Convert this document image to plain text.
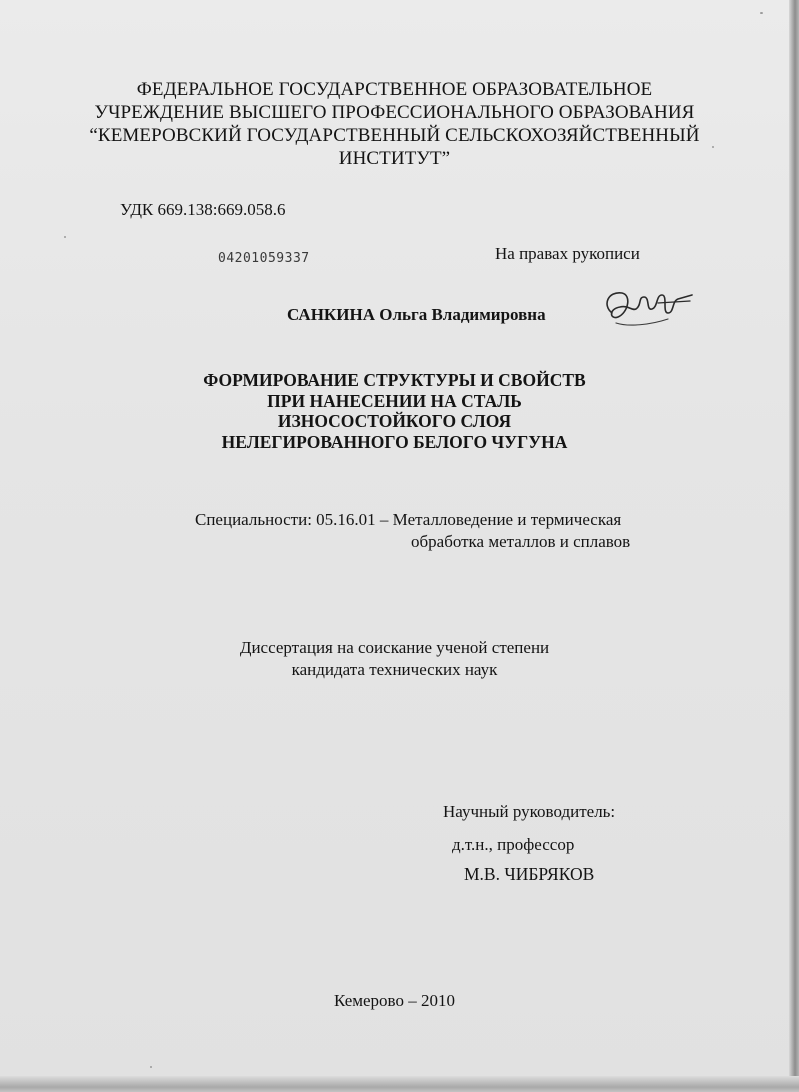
ФЕДЕРАЛЬНОЕ ГОСУДАРСТВЕННОЕ ОБРАЗОВАТЕЛЬНОЕ
УЧРЕЖДЕНИЕ ВЫСШЕГО ПРОФЕССИОНАЛЬНОГО ОБРАЗОВАНИЯ
“КЕМЕРОВСКИЙ ГОСУДАРСТВЕННЫЙ СЕЛЬСКОХОЗЯЙСТВЕННЫЙ
ИНСТИТУТ”
УДК 669.138:669.058.6
04201059337	На правах рукописи
САНКИНА Ольга Владимировна
ФОРМИРОВАНИЕ СТРУКТУРЫ И СВОЙСТВ
ПРИ НАНЕСЕНИИ НА СТАЛЬ
ИЗНОСОСТОЙКОГО СЛОЯ
НЕЛЕГИРОВАННОГО БЕЛОГО ЧУГУНА
Специальности: 05.16.01 – Металловедение и термическая
обработка металлов и сплавов
Диссертация на соискание ученой степени
кандидата технических наук
Научный руководитель:
д.т.н., профессор
М.В. ЧИБРЯКОВ
Кемерово – 2010
